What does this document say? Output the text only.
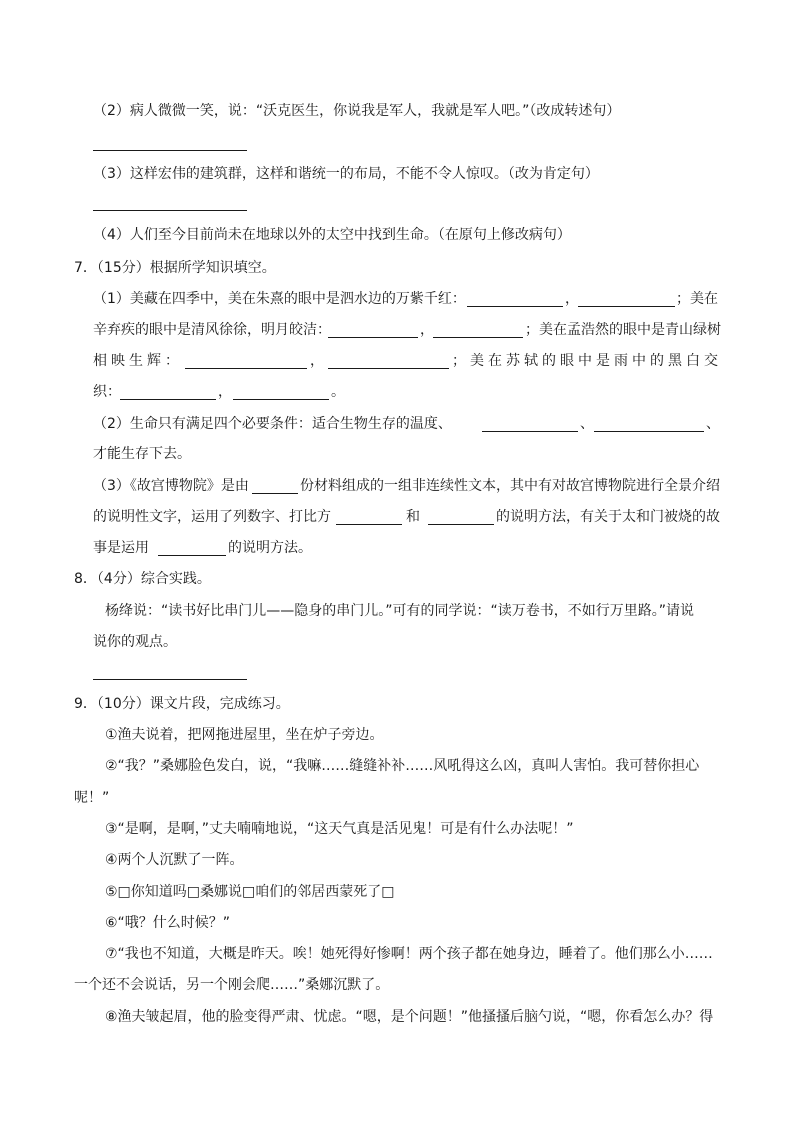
（2）病人微微一笑，说：“沃克医生，你说我是军人，我就是军人吧。”（改成转述句）
（3）这样宏伟的建筑群，这样和谐统一的布局，不能不令人惊叹。（改为肯定句）
（4）人们至今目前尚未在地球以外的太空中找到生命。（在原句上修改病句）
7．（15分）根据所学知识填空。
（1）美藏在四季中，美在朱熹的眼中是泗水边的万紫千红：	，	； 美在
辛弃疾的眼中是清风徐徐，明月皎洁：	，	； 美在孟浩然的眼中是青山绿树
相映生辉：	，	； 美在苏轼的眼中是雨中的黑白交
织：	，	。
（2）生命只有满足四个必要条件：适合生物生存的温度、	、	、
才能生存下去。
（3）《故宫博物院》是由	份材料组成的一组非连续性文本，其中有对故宫博物院进行全景介绍
的说明性文字，运用了列数字、打比方	和	的说明方法，有关于太和门被烧的故
事是运用	的说明方法。
8．（4分）综合实践。
杨绛说：“读书好比串门儿——隐身的串门儿。”可有的同学说：“读万卷书，不如行万里路。”请说
说你的观点。
9．（10分）课文片段，完成练习。
①渔夫说着，把网拖进屋里，坐在炉子旁边。
②“我？”桑娜脸色发白，说，“我嘛……缝缝补补……风吼得这么凶，真叫人害怕。我可替你担心
呢！”
③“是啊，是啊，”丈夫喃喃地说，“这天气真是活见鬼！可是有什么办法呢！”
④两个人沉默了一阵。
⑤□你知道吗□桑娜说□咱们的邻居西蒙死了□
⑥“哦？什么时候？”
⑦“我也不知道，大概是昨天。唉！她死得好惨啊！两个孩子都在她身边，睡着了。他们那么小……
一个还不会说话，另一个刚会爬……”桑娜沉默了。
⑧渔夫皱起眉，他的脸变得严肃、忧虑。“嗯，是个问题！”他搔搔后脑勺说，“嗯，你看怎么办？得
